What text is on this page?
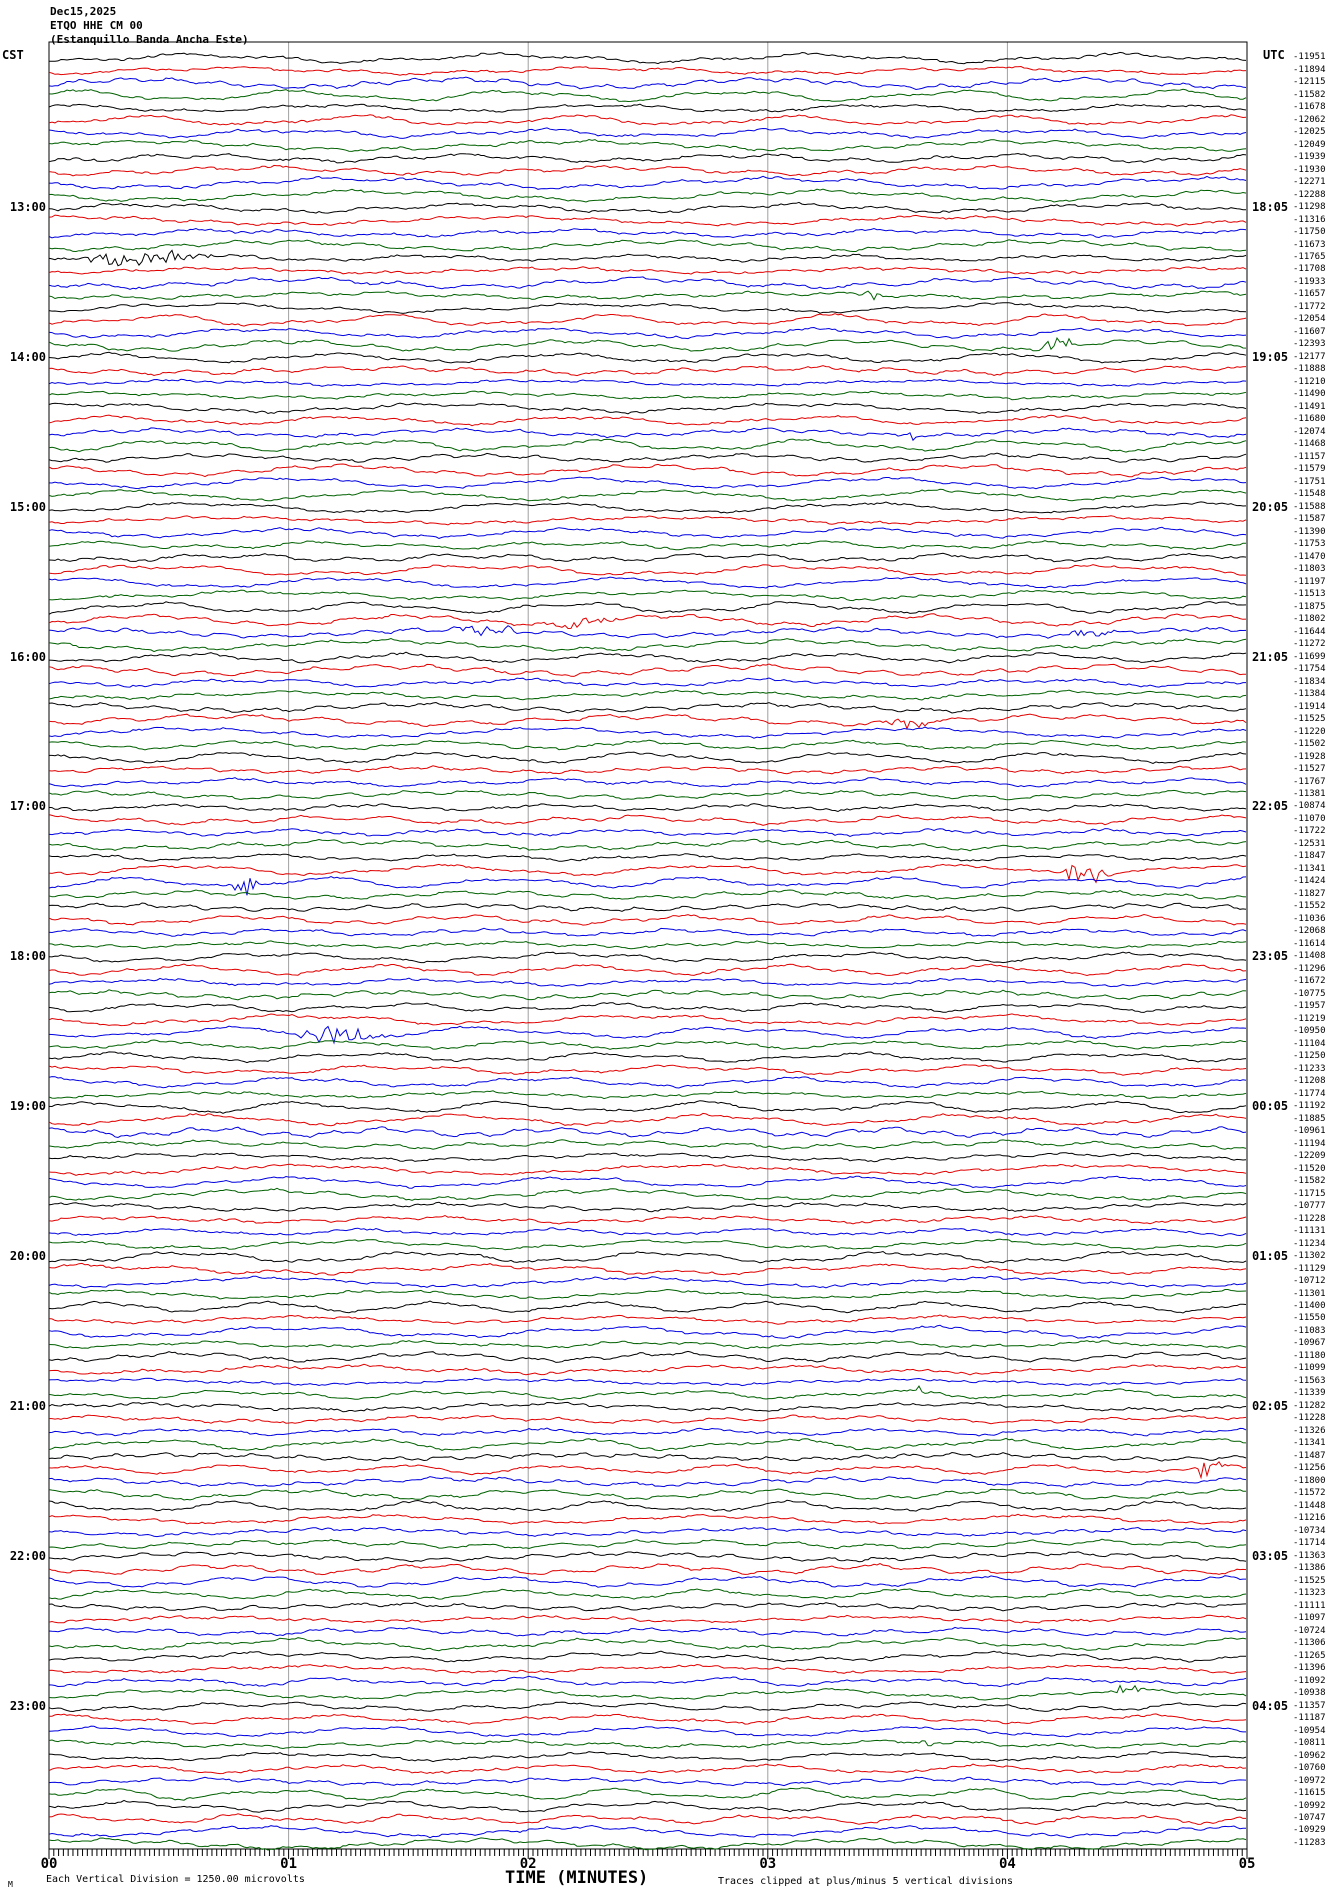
Dec15,2025
ETQO HHE CM 00
(Estanquillo Banda Ancha Este)
CST	UTC
13:00
14:00
15:00
16:00
17:00
18:00
19:00
20:00
21:00
22:00
23:00
18:05
19:05
20:05
21:05
22:05
23:05
00:05
01:05
02:05
03:05
04:05
-11951
-11894
-12115
-11582
-11678
-12062
-12025
-12049
-11939
-11930
-12271
-12288
-11298
-11316
-11750
-11673
-11765
-11708
-11933
-11657
-11772
-12054
-11607
-12393
-12177
-11888
-11210
-11490
-11491
-11680
-12074
-11468
-11157
-11579
-11751
-11548
-11588
-11587
-11390
-11753
-11470
-11803
-11197
-11513
-11875
-11802
-11644
-11272
-11699
-11754
-11834
-11384
-11914
-11525
-11220
-11502
-11928
-11527
-11767
-11381
-10874
-11070
-11722
-12531
-11847
-11341
-11424
-11827
-11552
-11036
-12068
-11614
-11408
-11296
-11672
-10775
-11957
-11219
-10950
-11104
-11250
-11233
-11208
-11774
-11192
-11885
-10961
-11194
-12209
-11520
-11582
-11715
-10777
-11228
-11131
-11234
-11302
-11129
-10712
-11301
-11400
-11550
-11083
-10967
-11180
-11099
-11563
-11339
-11282
-11228
-11326
-11341
-11487
-11256
-11800
-11572
-11448
-11216
-10734
-11714
-11363
-11386
-11525
-11323
-11111
-11097
-10724
-11306
-11265
-11396
-11092
-10938
-11357
-11187
-10954
-10811
-10962
-10760
-10972
-11615
-10992
-10747
-10929
-11283
00	01	02	03	04	05
TIME (MINUTES)
Each Vertical Division = 1250.00 microvolts	Traces clipped at plus/minus 5 vertical divisions
M
